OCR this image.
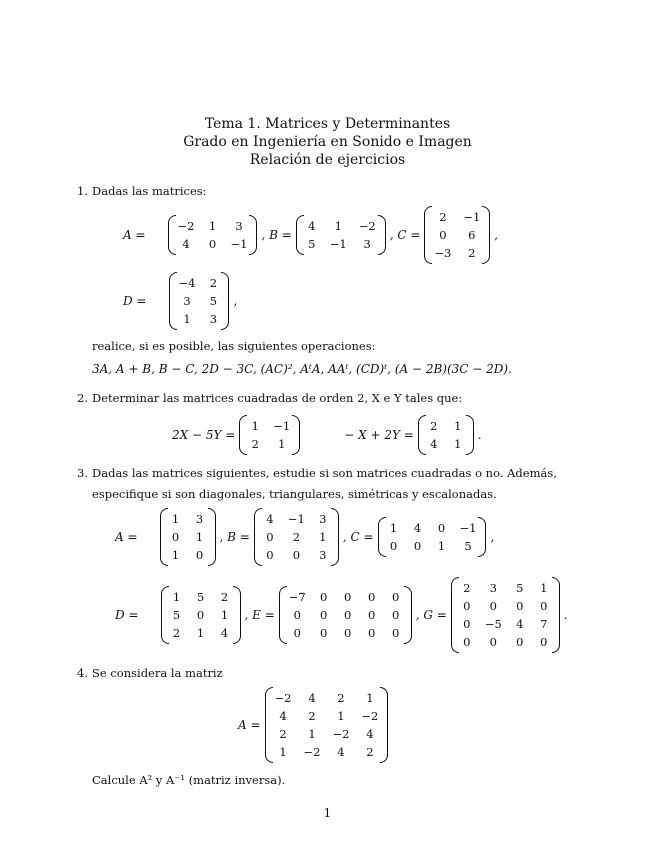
Tema 1. Matrices y Determinantes
Grado en Ingeniería en Sonido e Imagen
Relación de ejercicios
1. Dadas las matrices:
A =
−2 1	3
4	0 −1
, B =
4	1	−2
5 −1	3
, C =
2	−1
0	6
−3	2
,
D =
−4 2
3	5
1	3
,
realice, si es posible, las siguientes operaciones:
3A, A + B, B − C, 2D − 3C, (AC)², AᵗA, AAᵗ, (CD)ᵗ, (A − 2B)(3C − 2D).
2. Determinar las matrices cuadradas de orden 2, X e Y tales que:
2X − 5Y =
1 −1
2	1
− X + 2Y =
2 1
4 1
.
3. Dadas las matrices siguientes, estudie si son matrices cuadradas o no. Además,
especifique si son diagonales, triangulares, simétricas y escalonadas.
A =
1 3
0 1
1 0
, B =
4 −1 3
0	2	1
0	0	3
, C =
1 4 0 −1
0 0 1	5
,
D =
1 5 2
5 0 1
2 1 4
, E =
−7 0 0 0 0
0	0 0 0 0
0	0 0 0 0
, G =
2	3	5 1
0	0	0 0
0 −5 4 7
0	0	0 0
.
4. Se considera la matriz
A =
−2	4	2	1
4	2	1	−2
2	1	−2	4
1	−2	4	2
Calcule A² y A⁻¹ (matriz inversa).
1
